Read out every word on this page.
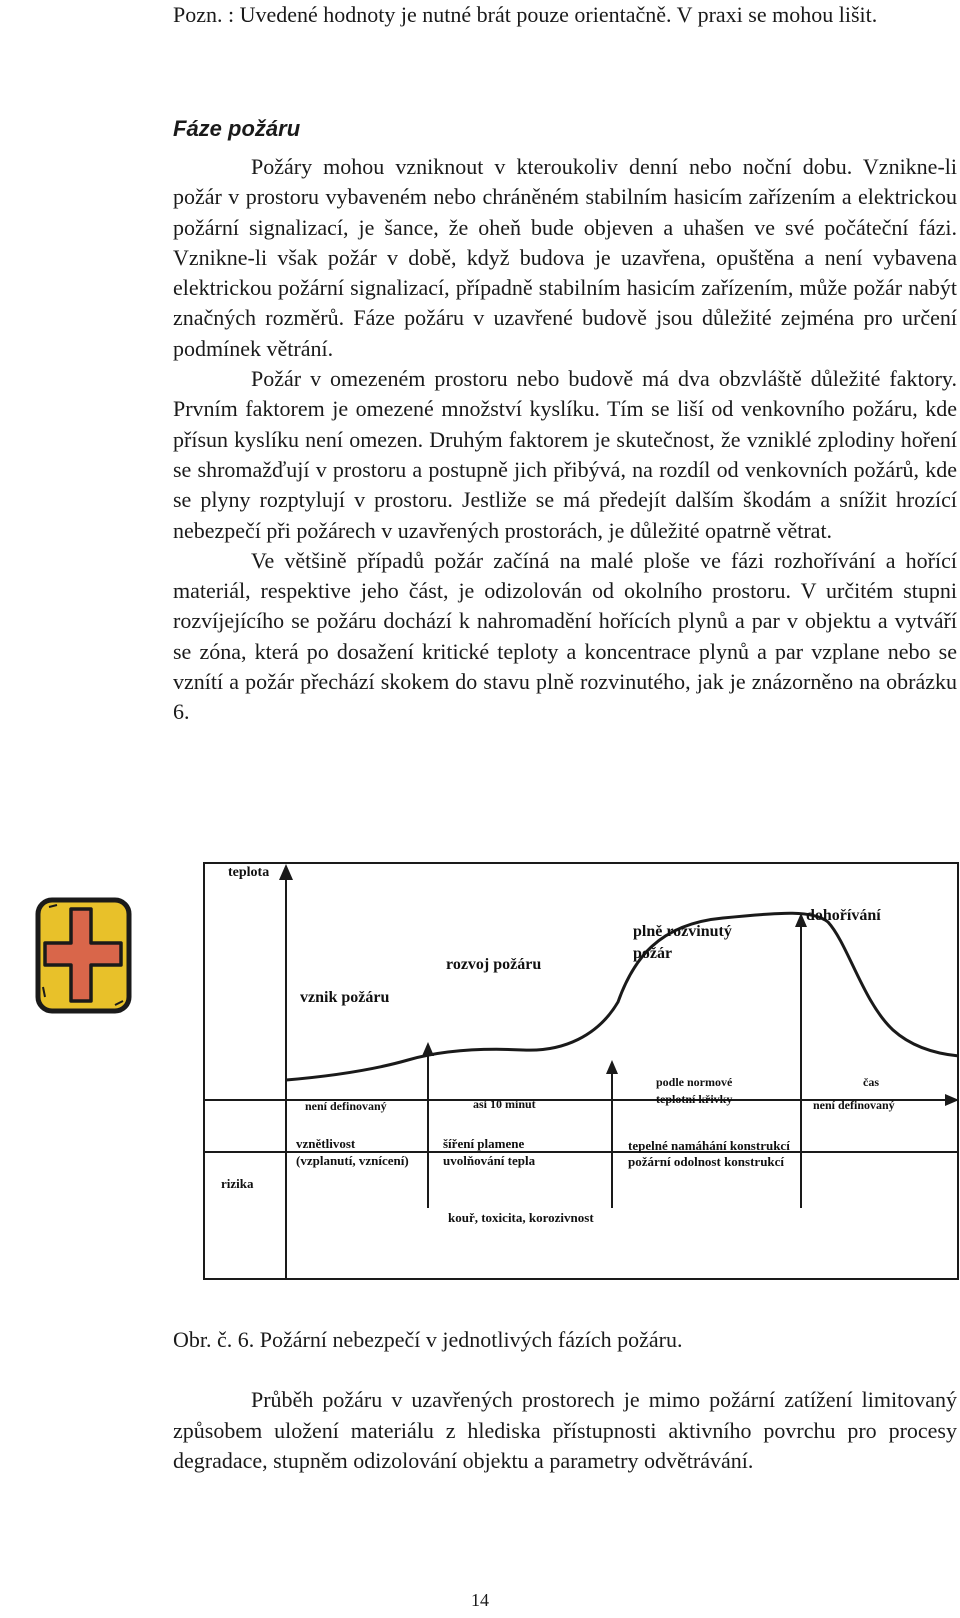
Pozn. : Uvedené hodnoty je nutné brát pouze orientačně. V praxi se mohou lišit.
Fáze požáru

Požáry mohou vzniknout v kteroukoliv denní nebo noční dobu. Vznikne-li požár v prostoru vybaveném nebo chráněném stabilním hasicím zařízením a elektrickou požární signalizací, je šance, že oheň bude objeven a uhašen ve své počáteční fázi. Vznikne-li však požár v době, když budova je uzavřena, opuštěna a není vybavena elektrickou požární signalizací, případně stabilním hasicím zařízením, může požár nabýt značných rozměrů. Fáze požáru v uzavřené budově jsou důležité zejména pro určení podmínek větrání.

Požár v omezeném prostoru nebo budově má dva obzvláště důležité faktory. Prvním faktorem je omezené množství kyslíku. Tím se liší od venkovního požáru, kde přísun kyslíku není omezen. Druhým faktorem je skutečnost, že vzniklé zplodiny hoření se shromažďují v prostoru a postupně jich přibývá, na rozdíl od venkovních požárů, kde se plyny rozptylují v prostoru. Jestliže se má předejít dalším škodám a snížit hrozící nebezpečí při požárech v uzavřených prostorách, je důležité opatrně větrat.

Ve většině případů požár začíná na malé ploše ve fázi rozhořívání a hořící materiál, respektive jeho část, je odizolován od okolního prostoru. V určitém stupni rozvíjejícího se požáru dochází k nahromadění hořících plynů a par v objektu a vytváří se zóna, která po dosažení kritické teploty a koncentrace plynů a par vzplane nebo se vznítí a požár přechází skokem do stavu plně rozvinutého, jak je znázorněno na obrázku 6.

teplota
vznik požáru
rozvoj požáru
plně rozvinutý
požár
dohořívání
není definovaný	asi 10 minut
podle normové
teplotní křivky
čas
není definovaný
rizika
vznětlivost
(vzplanutí, vznícení)
šíření plamene
uvolňování tepla
tepelné namáhání konstrukcí
požární odolnost konstrukcí
kouř, toxicita, korozivnost
Obr. č. 6. Požární nebezpečí v jednotlivých fázích požáru.

Průběh požáru v uzavřených prostorech je mimo požární zatížení limitovaný způsobem uložení materiálu z hlediska přístupnosti aktivního povrchu pro procesy degradace, stupněm odizolování objektu a parametry odvětrávání.

14
